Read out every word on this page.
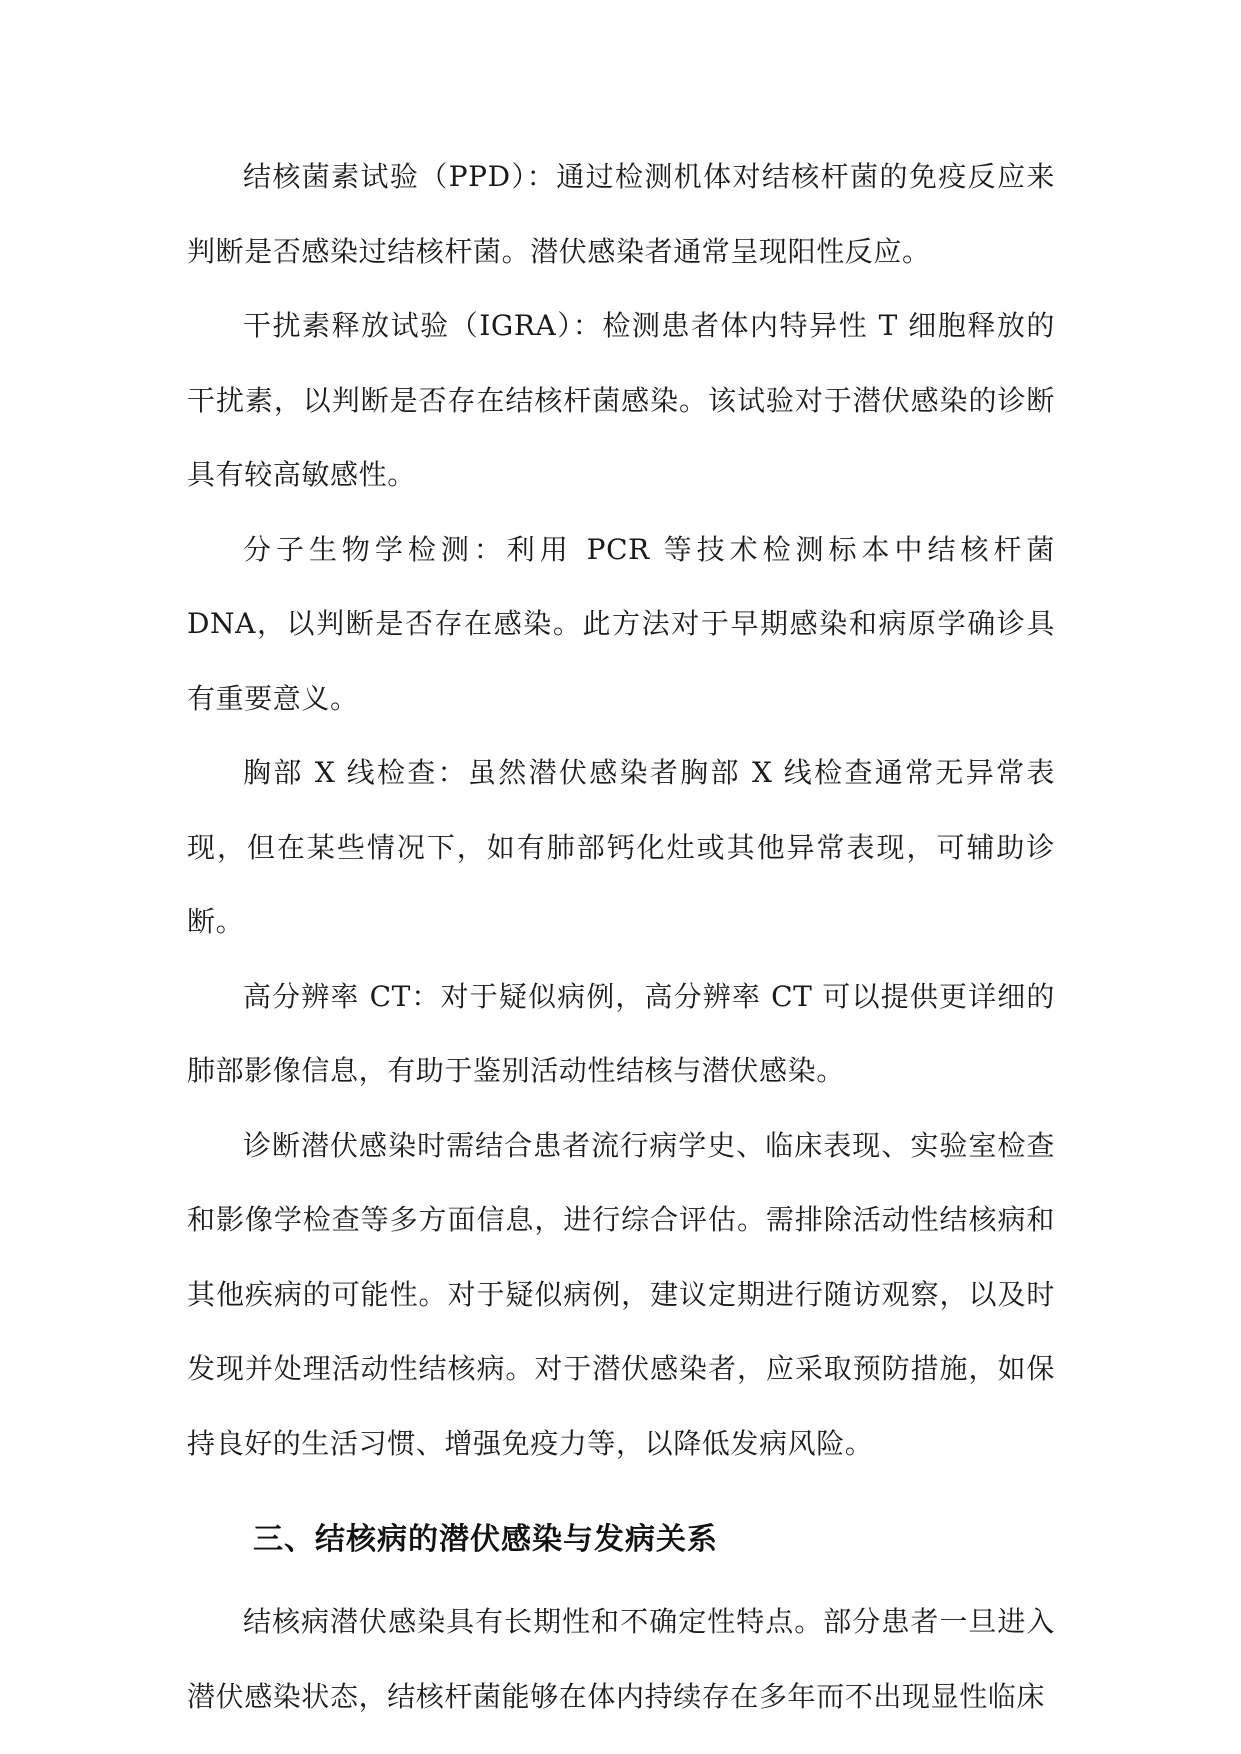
结核菌素试验（PPD）：通过检测机体对结核杆菌的免疫反应来判断是否感染过结核杆菌。潜伏感染者通常呈现阳性反应。

干扰素释放试验（IGRA）：检测患者体内特异性 T 细胞释放的干扰素，以判断是否存在结核杆菌感染。该试验对于潜伏感染的诊断具有较高敏感性。

分子生物学检测：利用 PCR 等技术检测标本中结核杆菌 DNA，以判断是否存在感染。此方法对于早期感染和病原学确诊具有重要意义。

胸部 X 线检查：虽然潜伏感染者胸部 X 线检查通常无异常表现，但在某些情况下，如有肺部钙化灶或其他异常表现，可辅助诊断。

高分辨率 CT：对于疑似病例，高分辨率 CT 可以提供更详细的肺部影像信息，有助于鉴别活动性结核与潜伏感染。

诊断潜伏感染时需结合患者流行病学史、临床表现、实验室检查和影像学检查等多方面信息，进行综合评估。需排除活动性结核病和其他疾病的可能性。对于疑似病例，建议定期进行随访观察，以及时发现并处理活动性结核病。对于潜伏感染者，应采取预防措施，如保持良好的生活习惯、增强免疫力等，以降低发病风险。

三、结核病的潜伏感染与发病关系

结核病潜伏感染具有长期性和不确定性特点。部分患者一旦进入潜伏感染状态，结核杆菌能够在体内持续存在多年而不出现显性临床
